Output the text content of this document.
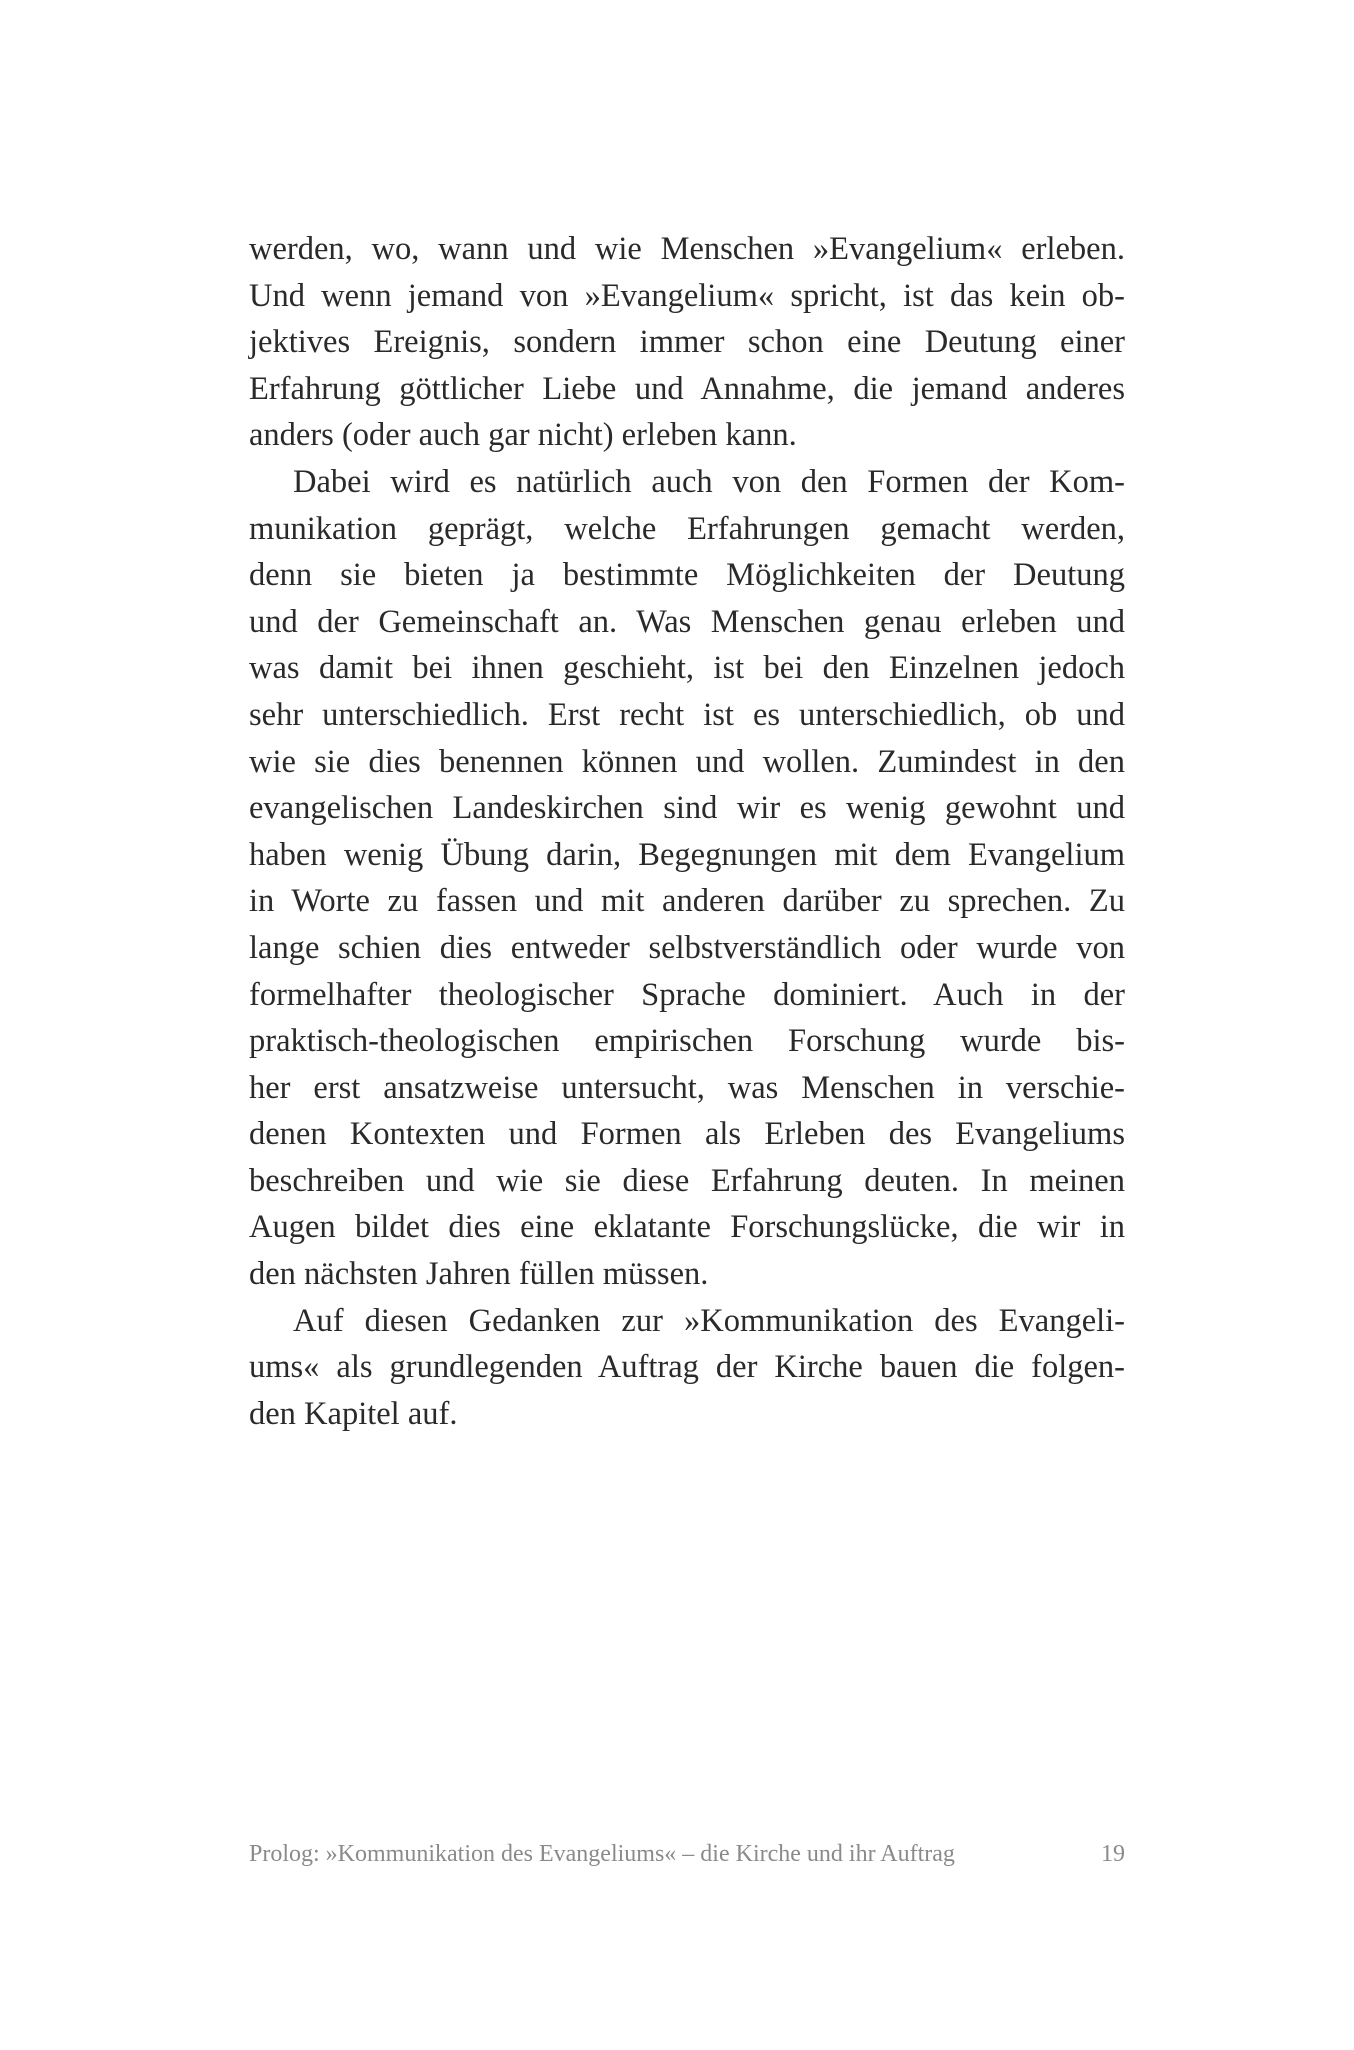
werden, wo, wann und wie Menschen »Evangelium« erleben.
Und wenn jemand von »Evangelium« spricht, ist das kein ob-
jektives Ereignis, sondern immer schon eine Deutung einer
Erfahrung göttlicher Liebe und Annahme, die jemand anderes
anders (oder auch gar nicht) erleben kann.
Dabei wird es natürlich auch von den Formen der Kom-
munikation geprägt, welche Erfahrungen gemacht werden,
denn sie bieten ja bestimmte Möglichkeiten der Deutung
und der Gemeinschaft an. Was Menschen genau erleben und
was damit bei ihnen geschieht, ist bei den Einzelnen jedoch
sehr unterschiedlich. Erst recht ist es unterschiedlich, ob und
wie sie dies benennen können und wollen. Zumindest in den
evangelischen Landeskirchen sind wir es wenig gewohnt und
haben wenig Übung darin, Begegnungen mit dem Evangelium
in Worte zu fassen und mit anderen darüber zu sprechen. Zu
lange schien dies entweder selbstverständlich oder wurde von
formelhafter theologischer Sprache dominiert. Auch in der
praktisch-theologischen empirischen Forschung wurde bis-
her erst ansatzweise untersucht, was Menschen in verschie-
denen Kontexten und Formen als Erleben des Evangeliums
beschreiben und wie sie diese Erfahrung deuten. In meinen
Augen bildet dies eine eklatante Forschungslücke, die wir in
den nächsten Jahren füllen müssen.
Auf diesen Gedanken zur »Kommunikation des Evangeli-
ums« als grundlegenden Auftrag der Kirche bauen die folgen-
den Kapitel auf.
Prolog: »Kommunikation des Evangeliums« – die Kirche und ihr Auftrag	19
